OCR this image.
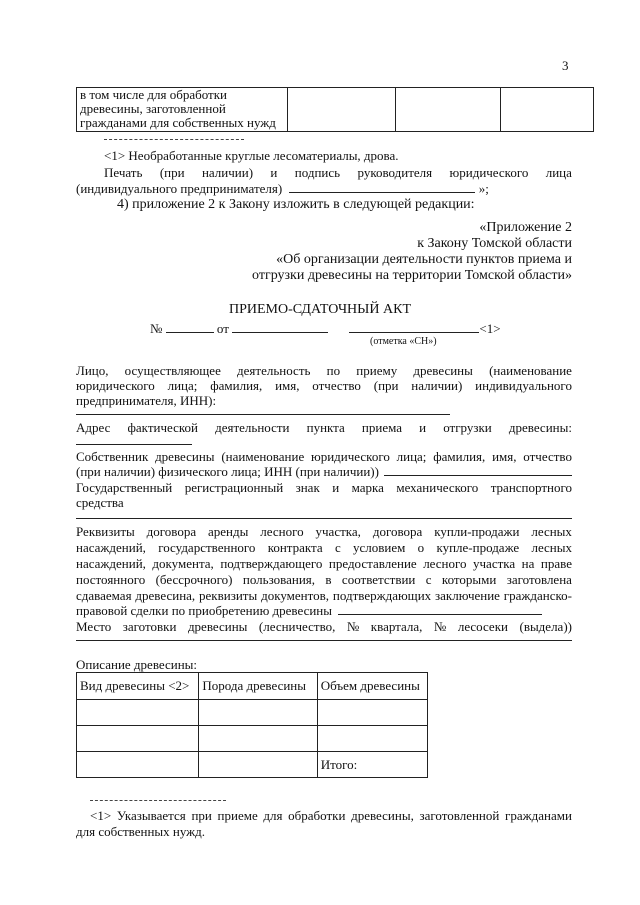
3
в том числе для обработки
древесины, заготовленной
гражданами для собственных нужд

<1> Необработанные круглые лесоматериалы, дрова.
Печать (при наличии) и подпись руководителя юридического лица
(индивидуального предпринимателя)	»;
4) приложение 2 к Закону изложить в следующей редакции:
«Приложение 2
к Закону Томской области
«Об организации деятельности пунктов приема и
отгрузки древесины на территории Томской области»
ПРИЕМО-СДАТОЧНЫЙ АКТ
№	от	<1>
(отметка «СН»)
Лицо, осуществляющее деятельность по приему древесины (наименование
юридического лица; фамилия, имя, отчество (при наличии) индивидуального
предпринимателя, ИНН):
Адрес фактической деятельности пункта приема и отгрузки древесины:
Собственник древесины (наименование юридического лица; фамилия, имя, отчество
(при наличии) физического лица; ИНН (при наличии))
Государственный регистрационный знак и марка механического транспортного
средства
Реквизиты договора аренды лесного участка, договора купли-продажи лесных
насаждений, государственного контракта с условием о купле-продаже лесных
насаждений, документа, подтверждающего предоставление лесного участка на праве
постоянного (бессрочного) пользования, в соответствии с которыми заготовлена
сдаваемая древесина, реквизиты документов, подтверждающих заключение гражданско-
правовой сделки по приобретению древесины
Место заготовки древесины (лесничество, № квартала, № лесосеки (выдела))
Описание древесины:
Вид древесины <2>	Порода древесины	Объем древесины

		Итого:
<1> Указывается при приеме для обработки древесины, заготовленной гражданами
для собственных нужд.
